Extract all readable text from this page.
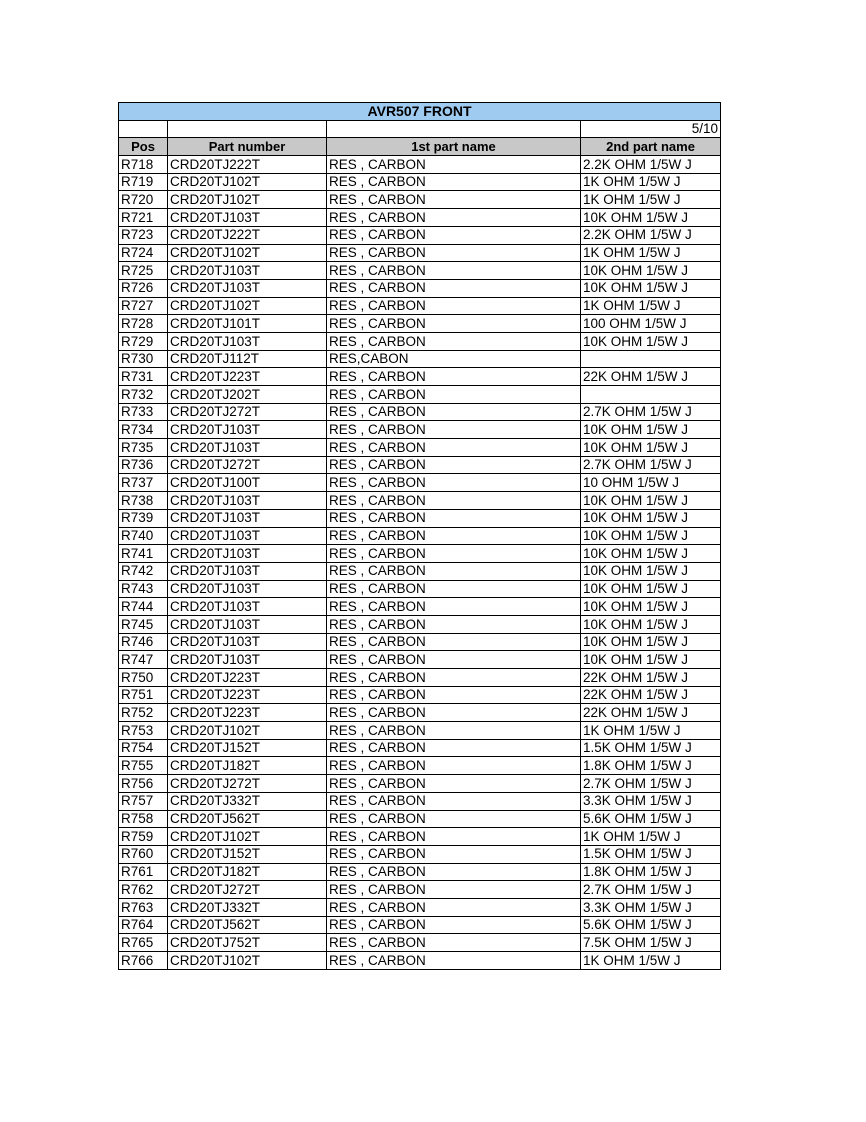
AVR507 FRONT			
			5/10
Pos	Part number	1st part name	2nd part name
R718	CRD20TJ222T	RES , CARBON	2.2K OHM 1/5W J
R719	CRD20TJ102T	RES , CARBON	1K OHM 1/5W J
R720	CRD20TJ102T	RES , CARBON	1K OHM 1/5W J
R721	CRD20TJ103T	RES , CARBON	10K OHM 1/5W J
R723	CRD20TJ222T	RES , CARBON	2.2K OHM 1/5W J
R724	CRD20TJ102T	RES , CARBON	1K OHM 1/5W J
R725	CRD20TJ103T	RES , CARBON	10K OHM 1/5W J
R726	CRD20TJ103T	RES , CARBON	10K OHM 1/5W J
R727	CRD20TJ102T	RES , CARBON	1K OHM 1/5W J
R728	CRD20TJ101T	RES , CARBON	100 OHM 1/5W J
R729	CRD20TJ103T	RES , CARBON	10K OHM 1/5W J
R730	CRD20TJ112T	RES,CABON	
R731	CRD20TJ223T	RES , CARBON	22K OHM 1/5W J
R732	CRD20TJ202T	RES , CARBON	
R733	CRD20TJ272T	RES , CARBON	2.7K OHM 1/5W J
R734	CRD20TJ103T	RES , CARBON	10K OHM 1/5W J
R735	CRD20TJ103T	RES , CARBON	10K OHM 1/5W J
R736	CRD20TJ272T	RES , CARBON	2.7K OHM 1/5W J
R737	CRD20TJ100T	RES , CARBON	10 OHM 1/5W J
R738	CRD20TJ103T	RES , CARBON	10K OHM 1/5W J
R739	CRD20TJ103T	RES , CARBON	10K OHM 1/5W J
R740	CRD20TJ103T	RES , CARBON	10K OHM 1/5W J
R741	CRD20TJ103T	RES , CARBON	10K OHM 1/5W J
R742	CRD20TJ103T	RES , CARBON	10K OHM 1/5W J
R743	CRD20TJ103T	RES , CARBON	10K OHM 1/5W J
R744	CRD20TJ103T	RES , CARBON	10K OHM 1/5W J
R745	CRD20TJ103T	RES , CARBON	10K OHM 1/5W J
R746	CRD20TJ103T	RES , CARBON	10K OHM 1/5W J
R747	CRD20TJ103T	RES , CARBON	10K OHM 1/5W J
R750	CRD20TJ223T	RES , CARBON	22K OHM 1/5W J
R751	CRD20TJ223T	RES , CARBON	22K OHM 1/5W J
R752	CRD20TJ223T	RES , CARBON	22K OHM 1/5W J
R753	CRD20TJ102T	RES , CARBON	1K OHM 1/5W J
R754	CRD20TJ152T	RES , CARBON	1.5K OHM 1/5W J
R755	CRD20TJ182T	RES , CARBON	1.8K OHM 1/5W J
R756	CRD20TJ272T	RES , CARBON	2.7K OHM 1/5W J
R757	CRD20TJ332T	RES , CARBON	3.3K OHM 1/5W J
R758	CRD20TJ562T	RES , CARBON	5.6K OHM 1/5W J
R759	CRD20TJ102T	RES , CARBON	1K OHM 1/5W J
R760	CRD20TJ152T	RES , CARBON	1.5K OHM 1/5W J
R761	CRD20TJ182T	RES , CARBON	1.8K OHM 1/5W J
R762	CRD20TJ272T	RES , CARBON	2.7K OHM 1/5W J
R763	CRD20TJ332T	RES , CARBON	3.3K OHM 1/5W J
R764	CRD20TJ562T	RES , CARBON	5.6K OHM 1/5W J
R765	CRD20TJ752T	RES , CARBON	7.5K OHM 1/5W J
R766	CRD20TJ102T	RES , CARBON	1K OHM 1/5W J
